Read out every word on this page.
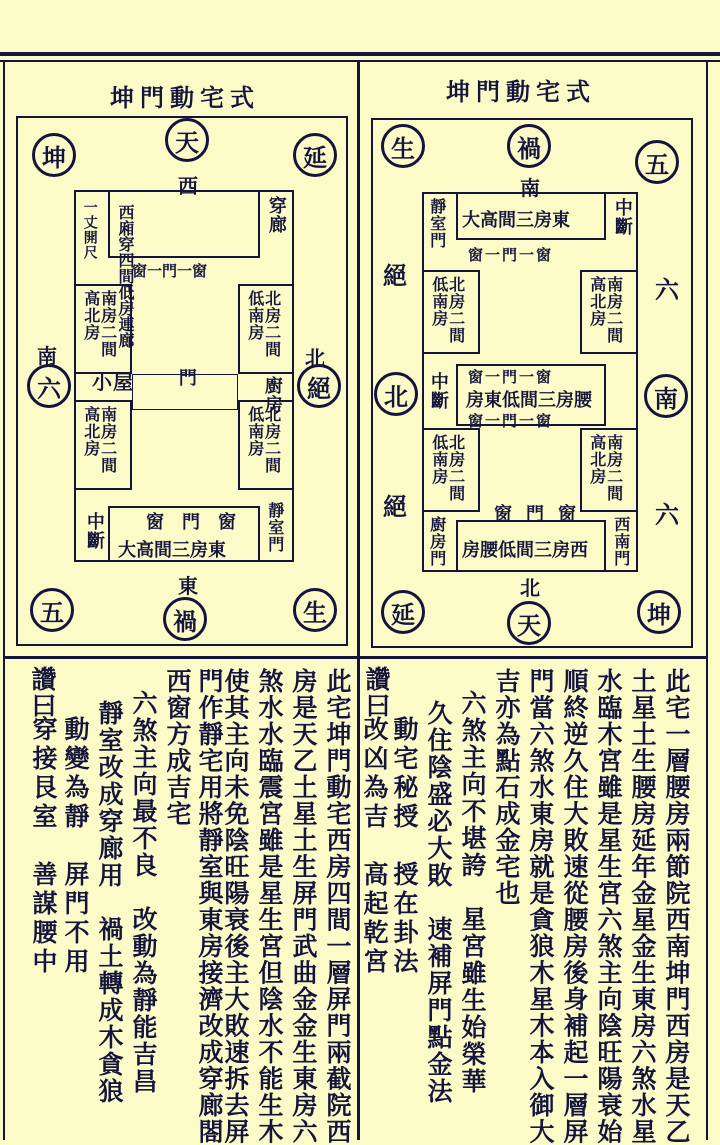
坤門動宅式
坤
天
延
六	絕
五	禍	生
西
東
南	北
西廂穿四間低房連廊	穿廊
一丈開尺
窗一門一窗
南房二間高北房	北房二間低南房
小屋 門	廚房
南房二間高北房	北房二間低南房
中斷 窗門窗
東房三間高大 靜室門
坤門動宅式
生	禍
五
北	南
延	天	坤
南
北
絕
絕
六
六
東房三間高大
靜室門	中斷
窗一門一窗
北房二間低南房	南房二間高北房
窗一門一窗
腰房三間低東房
窗一門一窗
中斷
北房二間低南房	南房二間高北房
窗門窗
西房三間低腰房
廚房門	西南門
此宅一層腰房兩節院西南坤門西房是天乙
土星土生腰房延年金星金生東房六煞水星
水臨木宮雖是星生宮六煞主向陰旺陽衰始
順終逆久住大敗速從腰房後身補起一層屏
門當六煞水東房就是貪狼木星木本入御大
吉亦為點石成金宅也
六煞主向不堪誇　星宮雖生始榮華
久住陰盛必大敗　速補屏門點金法
動宅秘授　授在卦法
改凶為吉　高起乾宮
讚曰
此宅坤門動宅西房四間一層屏門兩截院西
房是天乙土星土生屏門武曲金金生東房六
煞水水臨震宮雖是星生宮但陰水不能生木
使其主向未免陰旺陽衰後主大敗速拆去屏
門作靜宅用將靜室與東房接濟改成穿廊閤
西窗方成吉宅
六煞主向最不良　改動為靜能吉昌
靜室改成穿廊用　禍土轉成木貪狼
動變為靜　屏門不用
穿接艮室　善謀腰中
讚曰
